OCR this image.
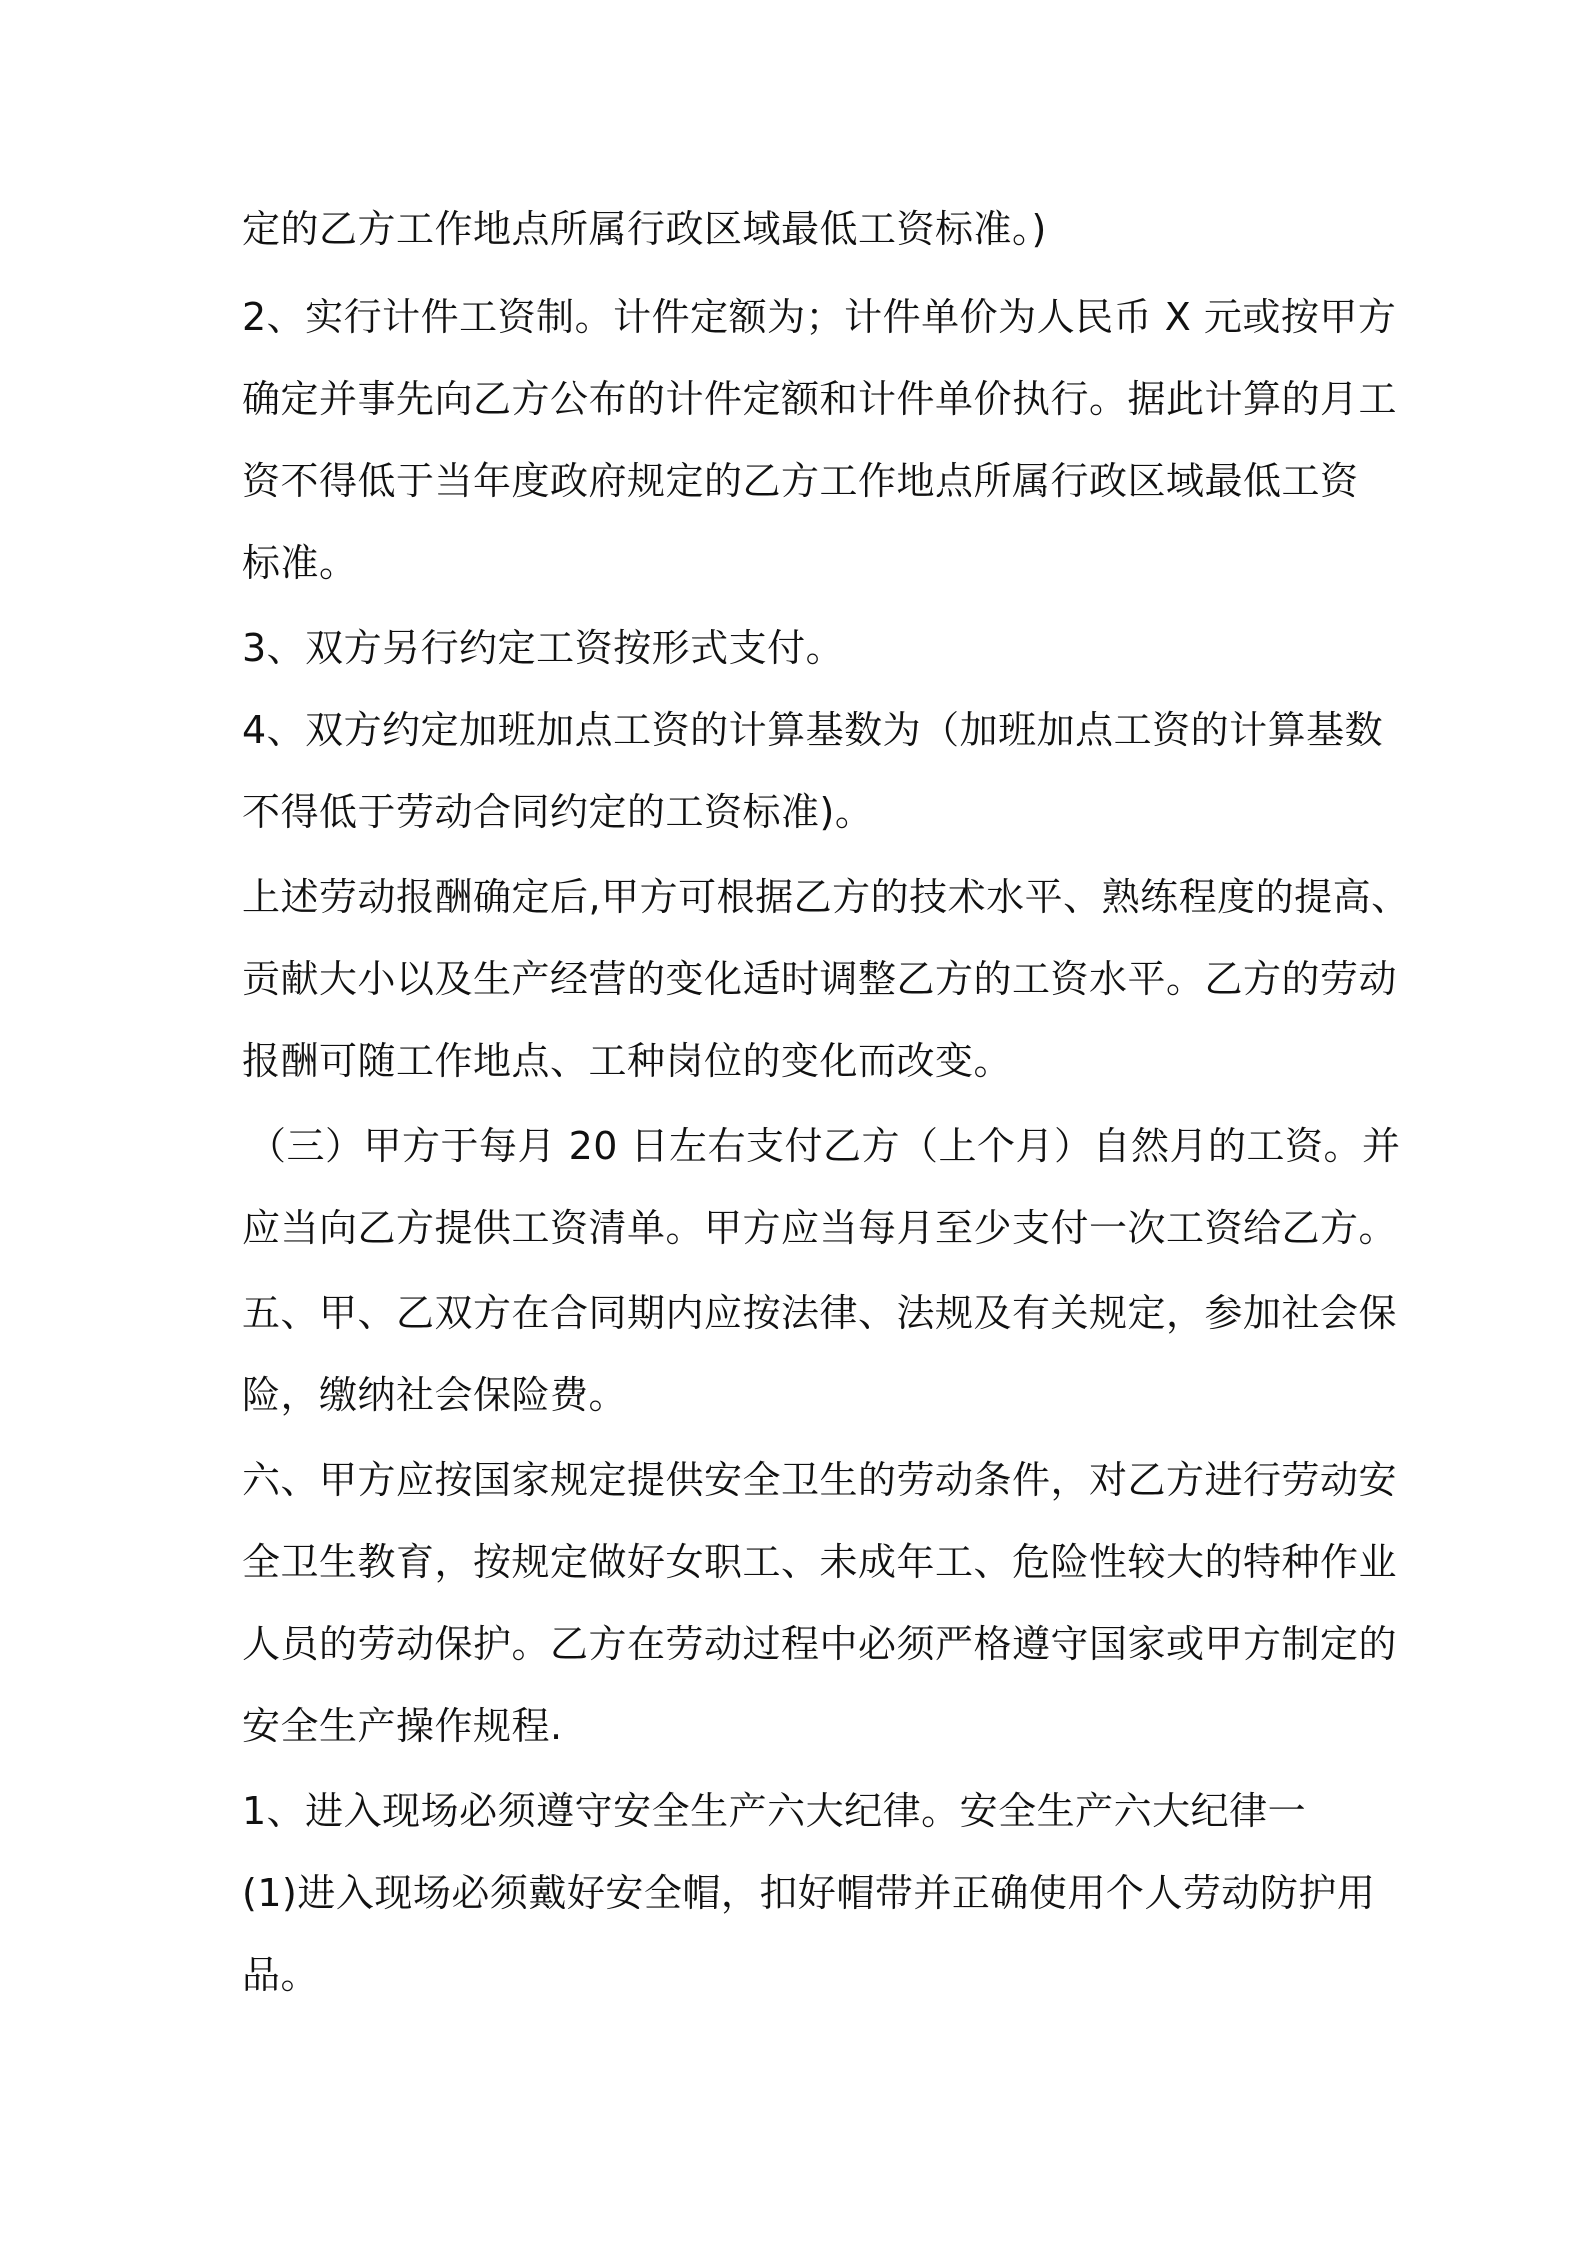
定的乙方工作地点所属行政区域最低工资标准。)
2、实行计件工资制。计件定额为；计件单价为人民币 X 元或按甲方
确定并事先向乙方公布的计件定额和计件单价执行。据此计算的月工
资不得低于当年度政府规定的乙方工作地点所属行政区域最低工资
标准。
3、双方另行约定工资按形式支付。
4、双方约定加班加点工资的计算基数为（加班加点工资的计算基数
不得低于劳动合同约定的工资标准)。
上述劳动报酬确定后,甲方可根据乙方的技术水平、熟练程度的提高、
贡献大小以及生产经营的变化适时调整乙方的工资水平。乙方的劳动
报酬可随工作地点、工种岗位的变化而改变。
（三）甲方于每月 20 日左右支付乙方（上个月）自然月的工资。并
应当向乙方提供工资清单。甲方应当每月至少支付一次工资给乙方。
五、甲、乙双方在合同期内应按法律、法规及有关规定，参加社会保
险，缴纳社会保险费。
六、甲方应按国家规定提供安全卫生的劳动条件，对乙方进行劳动安
全卫生教育，按规定做好女职工、未成年工、危险性较大的特种作业
人员的劳动保护。乙方在劳动过程中必须严格遵守国家或甲方制定的
安全生产操作规程.
1、进入现场必须遵守安全生产六大纪律。安全生产六大纪律一
(1)进入现场必须戴好安全帽，扣好帽带并正确使用个人劳动防护用
品。
